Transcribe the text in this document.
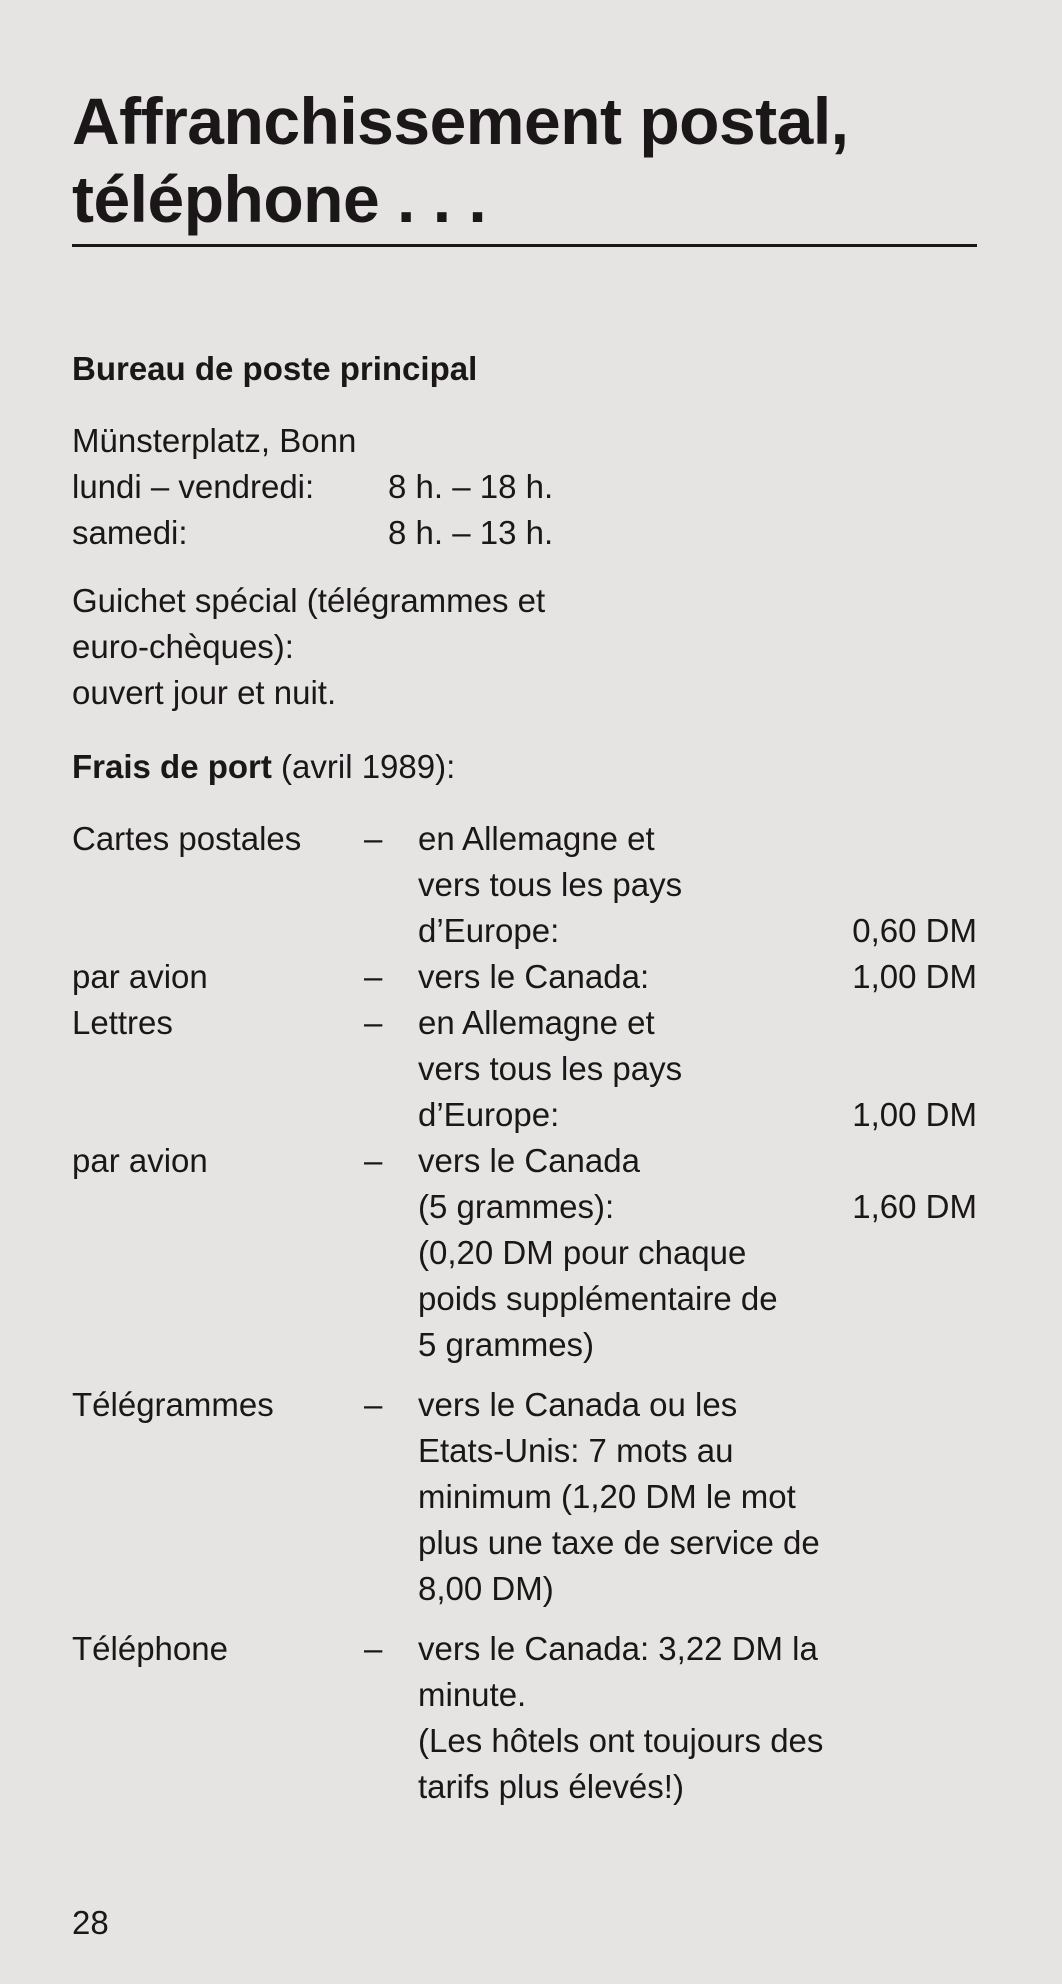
Affranchissement postal,
téléphone . . .
Bureau de poste principal
Münsterplatz, Bonn
lundi – vendredi:	8 h. – 18 h.
samedi:	8 h. – 13 h.
Guichet spécial (télégrammes et
euro-chèques):
ouvert jour et nuit.
Frais de port (avril 1989):
Cartes postales	–	en Allemagne et
vers tous les pays
d’Europe:	0,60 DM
par avion	–	vers le Canada:	1,00 DM
Lettres	–	en Allemagne et
vers tous les pays
d’Europe:	1,00 DM
par avion	–	vers le Canada
(5 grammes):	1,60 DM
(0,20 DM pour chaque
poids supplémentaire de
5 grammes)
Télégrammes	–	vers le Canada ou les
Etats-Unis: 7 mots au
minimum (1,20 DM le mot
plus une taxe de service de
8,00 DM)
Téléphone	–	vers le Canada: 3,22 DM la
minute.
(Les hôtels ont toujours des
tarifs plus élevés!)
28
